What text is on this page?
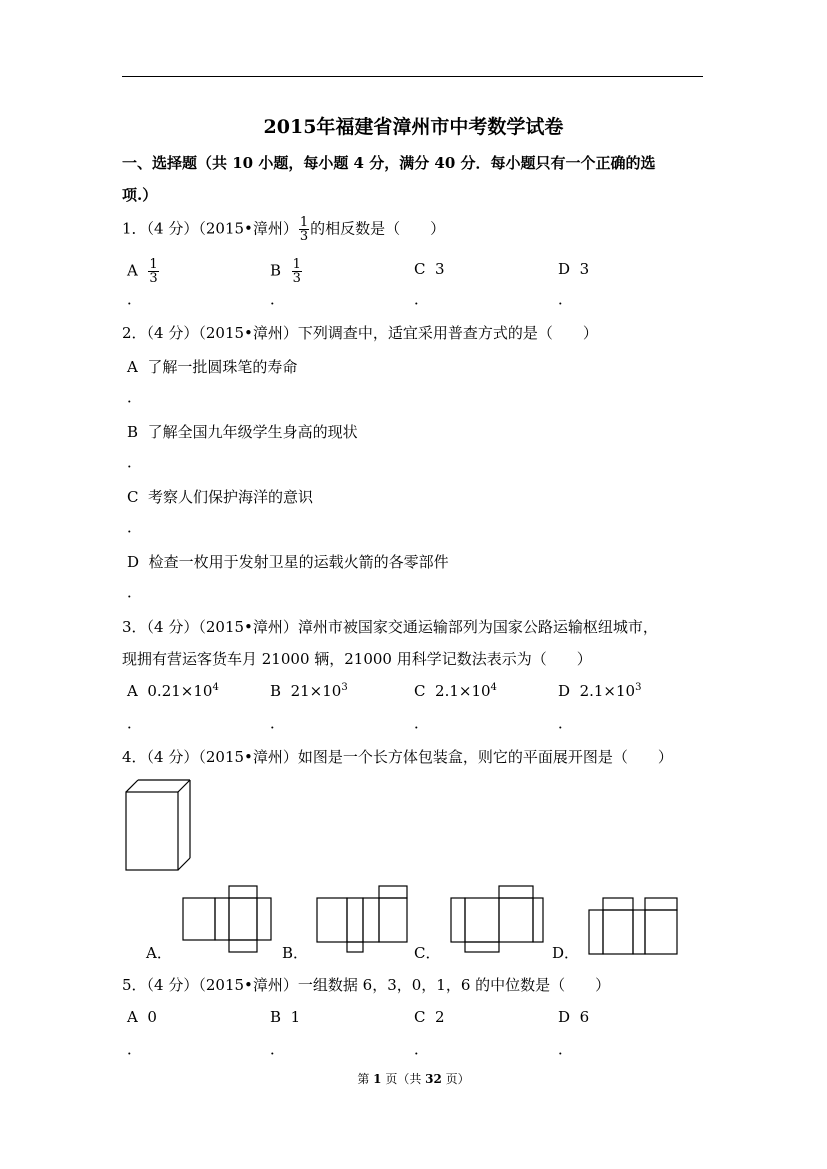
2015年福建省漳州市中考数学试卷
一、选择题（共 10 小题，每小题 4 分，满分 40 分．每小题只有一个正确的选
项.）
1．（4 分）（2015•漳州） $\frac{1}{3}$ 的相反数是（　　）
A $\frac{1}{3}$	B $\frac{1}{3}$	C 3	D 3
．	．	．	．
2．（4 分）（2015•漳州）下列调查中，适宜采用普查方式的是（　　）
A 了解一批圆珠笔的寿命
．
B 了解全国九年级学生身高的现状
．
C 考察人们保护海洋的意识
．
D 检查一枚用于发射卫星的运载火箭的各零部件
．
3．（4 分）（2015•漳州）漳州市被国家交通运输部列为国家公路运输枢纽城市，
现拥有营运客货车月 21000 辆，21000 用科学记数法表示为（　　）
A $0.21\times 10^4$	B $21\times 10^3$	C $2.1\times 10^4$	D $2.1\times 10^3$
．	．	．	．
4．（4 分）（2015•漳州）如图是一个长方体包装盒，则它的平面展开图是（　　）
A．	B．	C．	D．
5．（4 分）（2015•漳州）一组数据 6，3，0，1，6 的中位数是（　　）
A 0	B 1	C 2	D 6
．	．	．	．
第 1 页（共 32 页）
